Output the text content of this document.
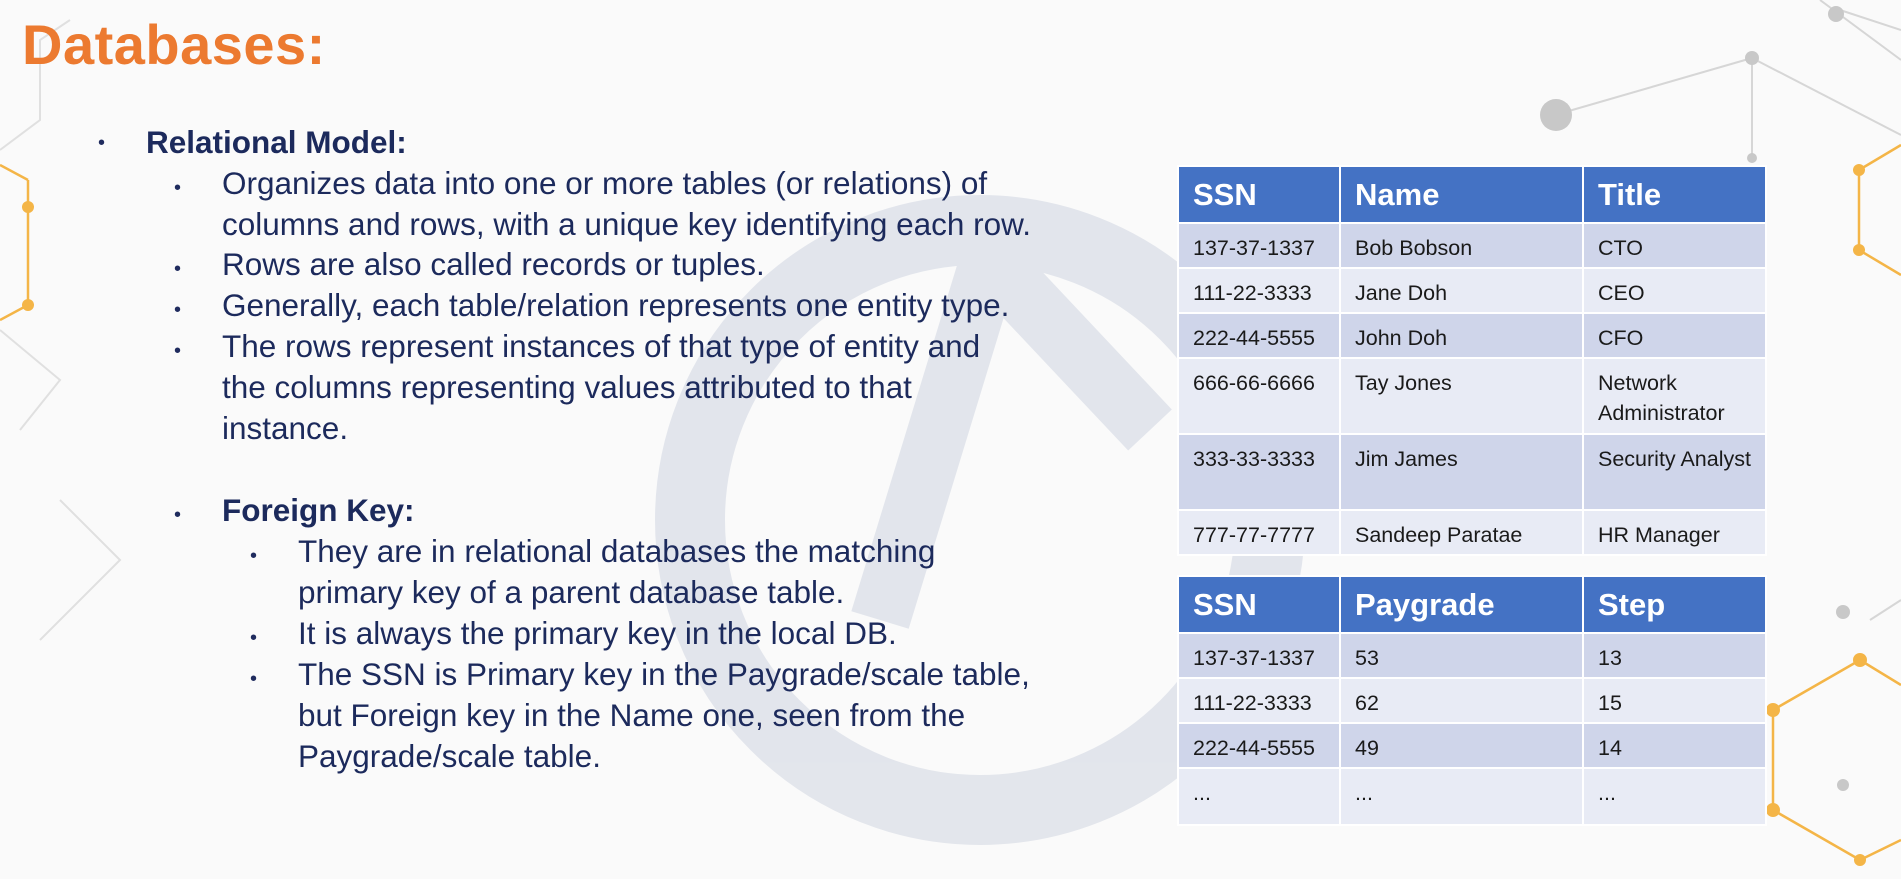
Databases:
• Relational Model:

• Organizes data into one or more tables (or relations) of
columns and rows, with a unique key identifying each row.

• Rows are also called records or tuples.

• Generally, each table/relation represents one entity type.

• The rows represent instances of that type of entity and
the columns representing values attributed to that
instance.

• Foreign Key:

• They are in relational databases the matching
primary key of a parent database table.

• It is always the primary key in the local DB.

• The SSN is Primary key in the Paygrade/scale table,
but Foreign key in the Name one, seen from the
Paygrade/scale table.

SSN	Name	Title
137-37-1337	Bob Bobson	CTO
111-22-3333	Jane Doh	CEO
222-44-5555	John Doh	CFO
666-66-6666	Tay Jones	Network Administrator
333-33-3333	Jim James	Security Analyst
777-77-7777	Sandeep Paratae	HR Manager
SSN	Paygrade	Step
137-37-1337	53	13
111-22-3333	62	15
222-44-5555	49	14
...	...	...
